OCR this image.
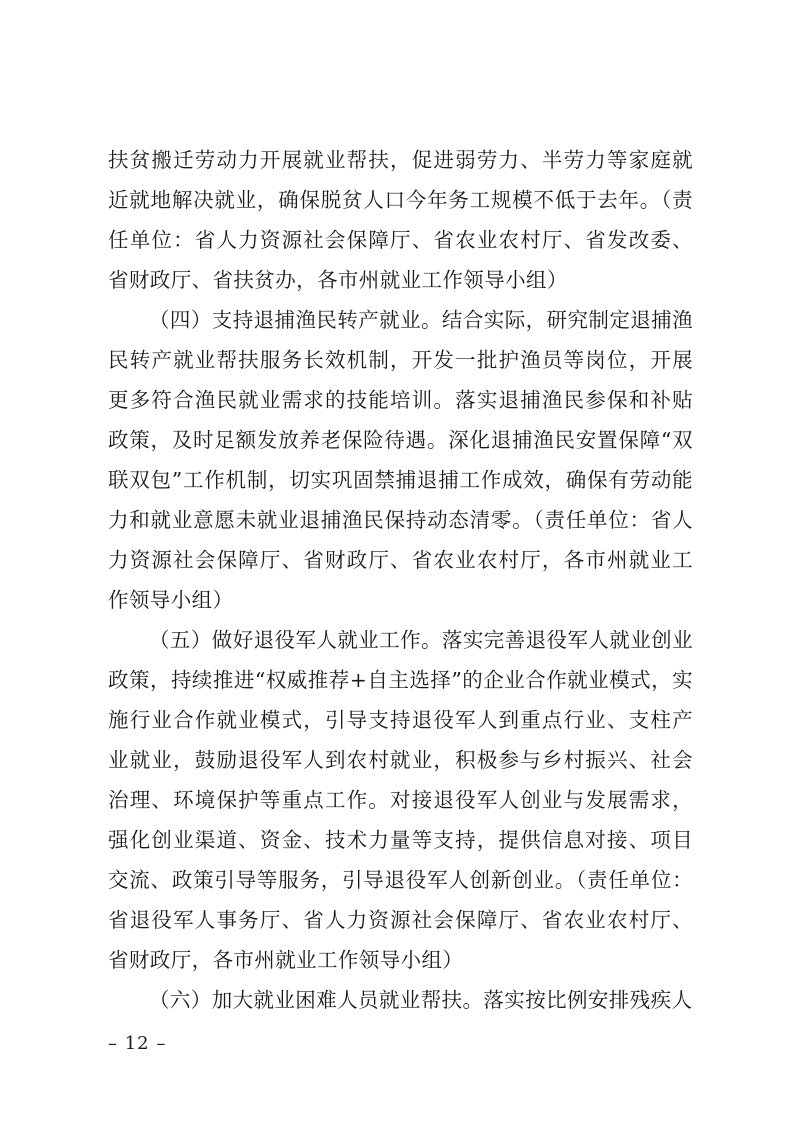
扶贫搬迁劳动力开展就业帮扶，促进弱劳力、半劳力等家庭就近就地解决就业，确保脱贫人口今年务工规模不低于去年。（责任单位：省人力资源社会保障厅、省农业农村厅、省发改委、省财政厅、省扶贫办，各市州就业工作领导小组）

（四）支持退捕渔民转产就业。结合实际，研究制定退捕渔民转产就业帮扶服务长效机制，开发一批护渔员等岗位，开展更多符合渔民就业需求的技能培训。落实退捕渔民参保和补贴政策，及时足额发放养老保险待遇。深化退捕渔民安置保障“双联双包”工作机制，切实巩固禁捕退捕工作成效，确保有劳动能力和就业意愿未就业退捕渔民保持动态清零。（责任单位：省人力资源社会保障厅、省财政厅、省农业农村厅，各市州就业工作领导小组）

（五）做好退役军人就业工作。落实完善退役军人就业创业政策，持续推进“权威推荐+自主选择”的企业合作就业模式，实施行业合作就业模式，引导支持退役军人到重点行业、支柱产业就业，鼓励退役军人到农村就业，积极参与乡村振兴、社会治理、环境保护等重点工作。对接退役军人创业与发展需求，强化创业渠道、资金、技术力量等支持，提供信息对接、项目交流、政策引导等服务，引导退役军人创新创业。（责任单位：省退役军人事务厅、省人力资源社会保障厅、省农业农村厅、省财政厅，各市州就业工作领导小组）

（六）加大就业困难人员就业帮扶。落实按比例安排残疾人

– 12 –
